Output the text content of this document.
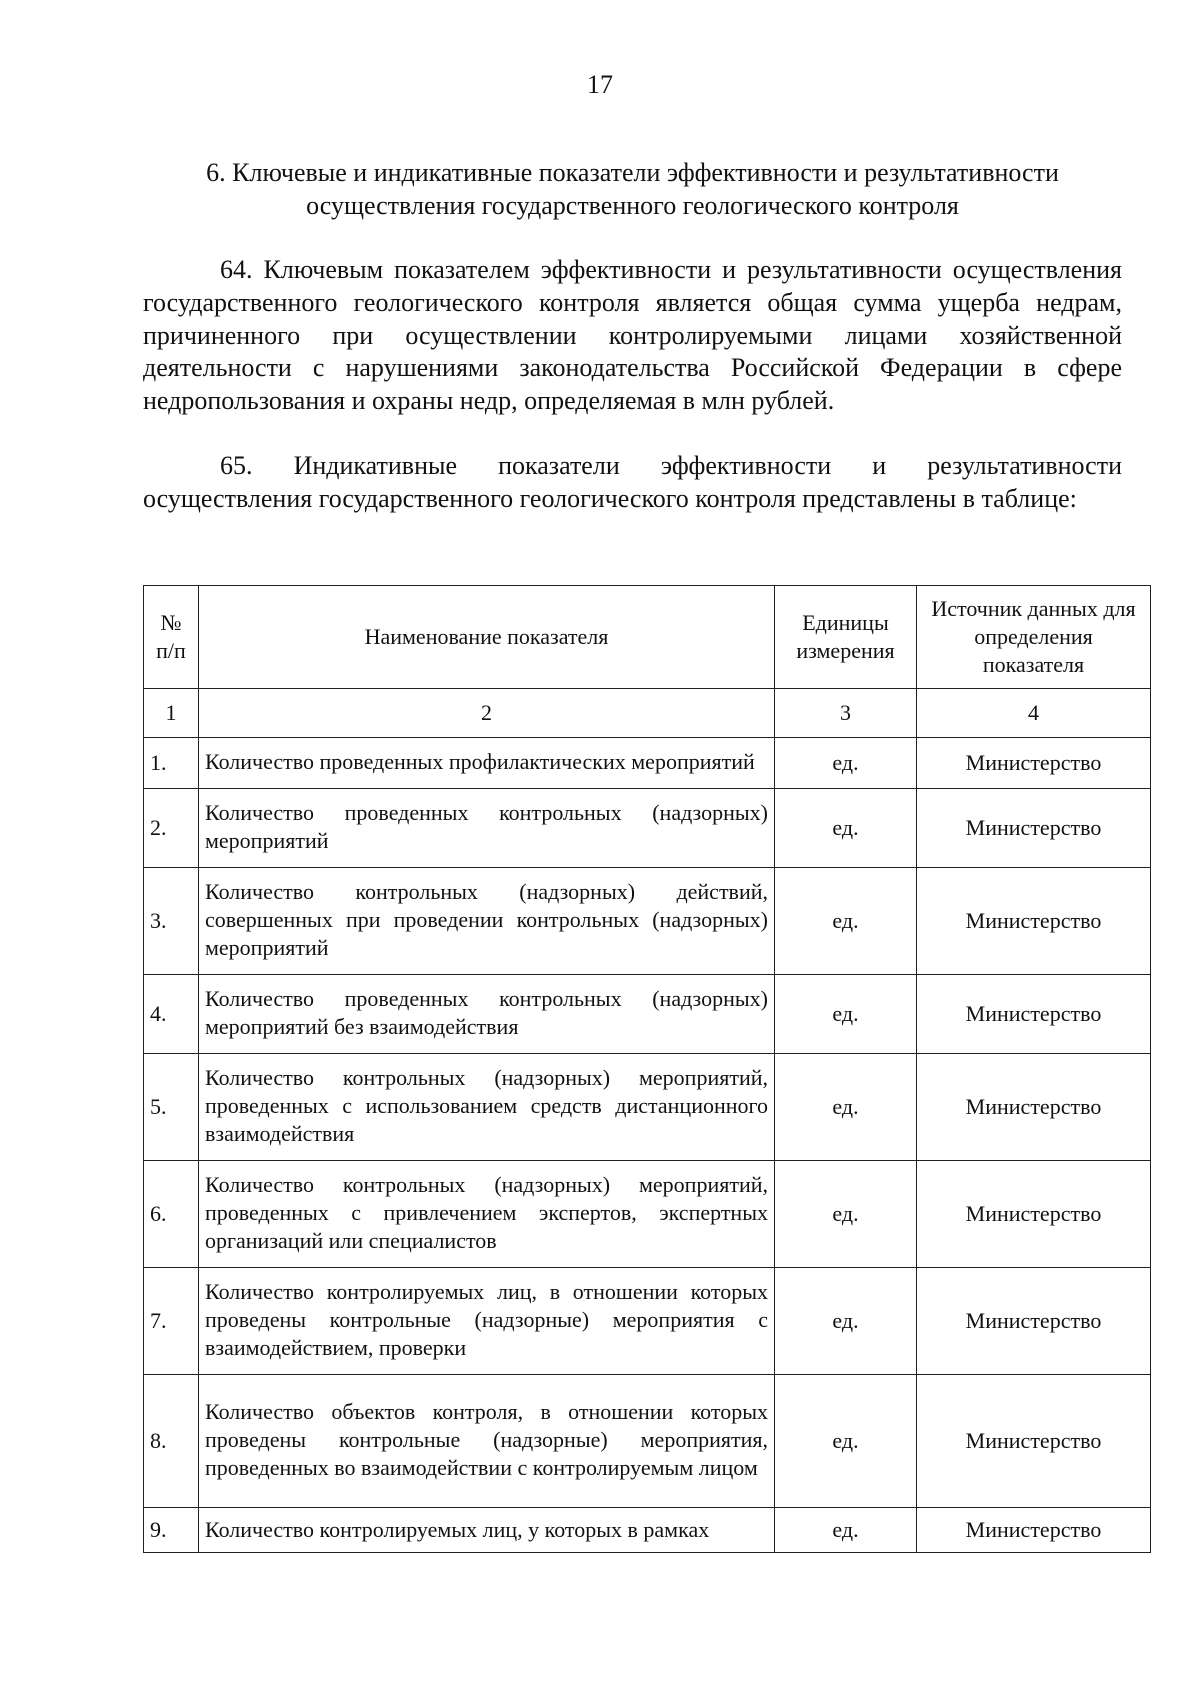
17
6. Ключевые и индикативные показатели эффективности и результативности
осуществления государственного геологического контроля

64. Ключевым показателем эффективности и результативности осуществления государственного геологического контроля является общая сумма ущерба недрам, причиненного при осуществлении контролируемыми лицами хозяйственной деятельности с нарушениями законодательства Российской Федерации в сфере недропользования и охраны недр, определяемая в млн рублей.

65. Индикативные показатели эффективности и результативности осуществления государственного геологического контроля представлены в таблице:

№ п/п	Наименование показателя	Единицы измерения	Источник данных для определения показателя
1	2	3	4
1.	Количество проведенных профилактических мероприятий	ед.	Министерство
2.	Количество проведенных контрольных (надзорных) мероприятий	ед.	Министерство
3.	Количество контрольных (надзорных) действий, совершенных при проведении контрольных (надзорных) мероприятий	ед.	Министерство
4.	Количество проведенных контрольных (надзорных) мероприятий без взаимодействия	ед.	Министерство
5.	Количество контрольных (надзорных) мероприятий, проведенных с использованием средств дистанционного взаимодействия	ед.	Министерство
6.	Количество контрольных (надзорных) мероприятий, проведенных с привлечением экспертов, экспертных организаций или специалистов	ед.	Министерство
7.	Количество контролируемых лиц, в отношении которых проведены контрольные (надзорные) мероприятия с взаимодействием, проверки	ед.	Министерство
8.	Количество объектов контроля, в отношении которых проведены контрольные (надзорные) мероприятия, проведенных во взаимодействии с контролируемым лицом	ед.	Министерство
9.	Количество контролируемых лиц, у которых в рамках	ед.	Министерство
